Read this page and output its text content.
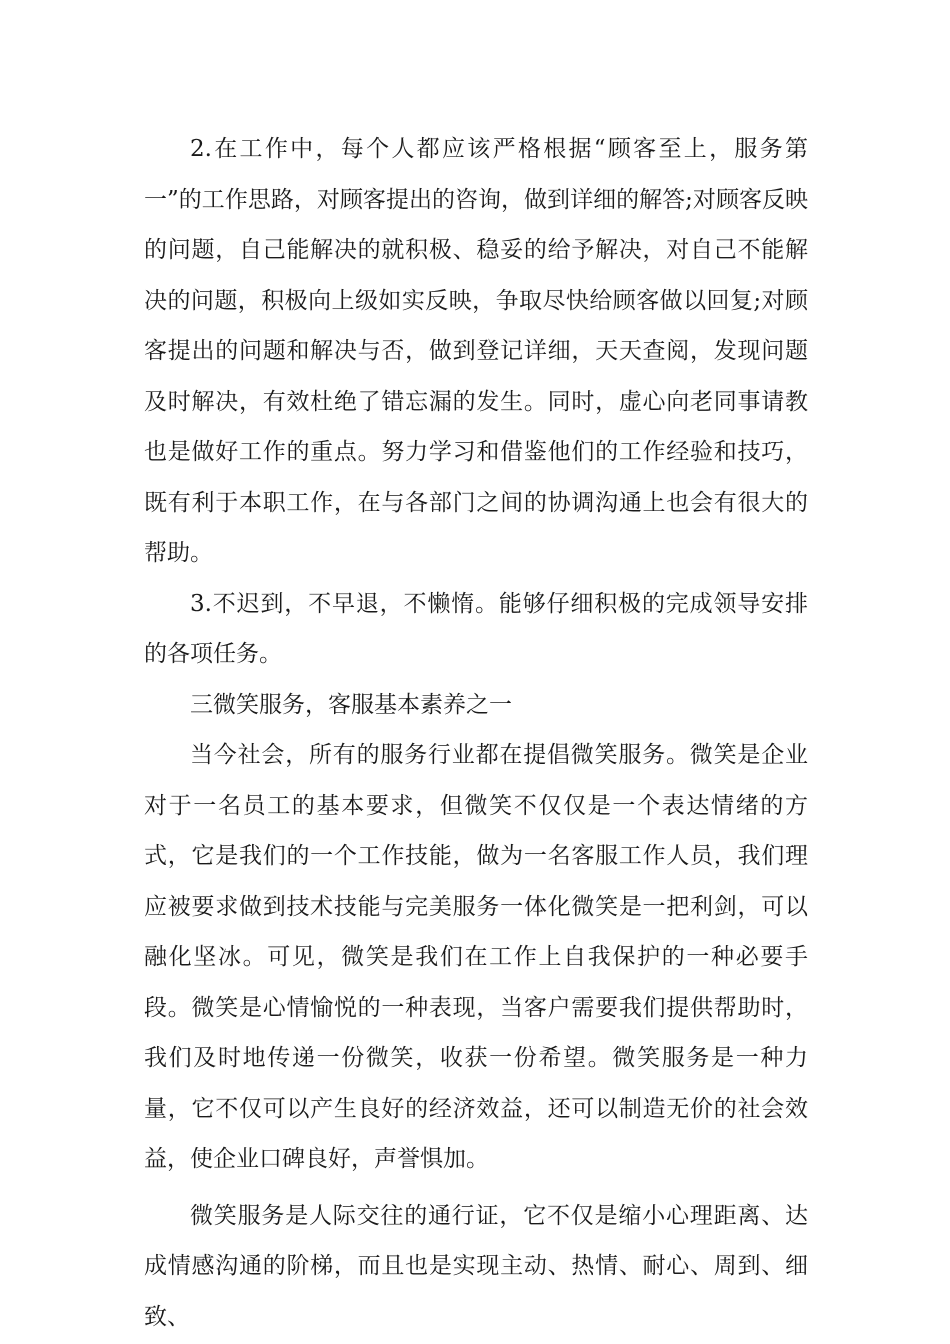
2.在工作中，每个人都应该严格根据“顾客至上，服务第一”的工作思路，对顾客提出的咨询，做到详细的解答;对顾客反映的问题，自己能解决的就积极、稳妥的给予解决，对自己不能解决的问题，积极向上级如实反映，争取尽快给顾客做以回复;对顾客提出的问题和解决与否，做到登记详细，天天查阅，发现问题及时解决，有效杜绝了错忘漏的发生。同时，虚心向老同事请教也是做好工作的重点。努力学习和借鉴他们的工作经验和技巧，既有利于本职工作，在与各部门之间的协调沟通上也会有很大的帮助。

3.不迟到，不早退，不懒惰。能够仔细积极的完成领导安排的各项任务。

三微笑服务，客服基本素养之一

当今社会，所有的服务行业都在提倡微笑服务。微笑是企业对于一名员工的基本要求，但微笑不仅仅是一个表达情绪的方式，它是我们的一个工作技能，做为一名客服工作人员，我们理应被要求做到技术技能与完美服务一体化微笑是一把利剑，可以融化坚冰。可见，微笑是我们在工作上自我保护的一种必要手段。微笑是心情愉悦的一种表现，当客户需要我们提供帮助时，我们及时地传递一份微笑，收获一份希望。微笑服务是一种力量，它不仅可以产生良好的经济效益，还可以制造无价的社会效益，使企业口碑良好，声誉惧加。

微笑服务是人际交往的通行证，它不仅是缩小心理距离、达成情感沟通的阶梯，而且也是实现主动、热情、耐心、周到、细致、
